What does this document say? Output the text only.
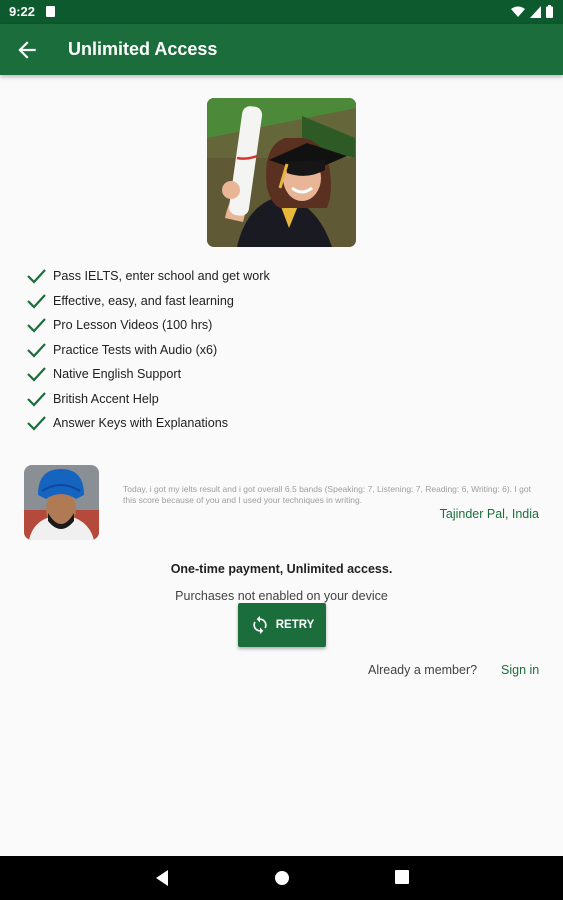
9:22
Unlimited Access
Pass IELTS, enter school and get work
Effective, easy, and fast learning
Pro Lesson Videos (100 hrs)
Practice Tests with Audio (x6)
Native English Support
British Accent Help
Answer Keys with Explanations
Today, i got my ielts result and i got overall 6.5 bands (Speaking: 7, Listening: 7, Reading: 6, Writing: 6). I got this score because of you and I used your techniques in writing.
Tajinder Pal, India
One-time payment, Unlimited access.
Purchases not enabled on your device
RETRY
Already a member? Sign in
